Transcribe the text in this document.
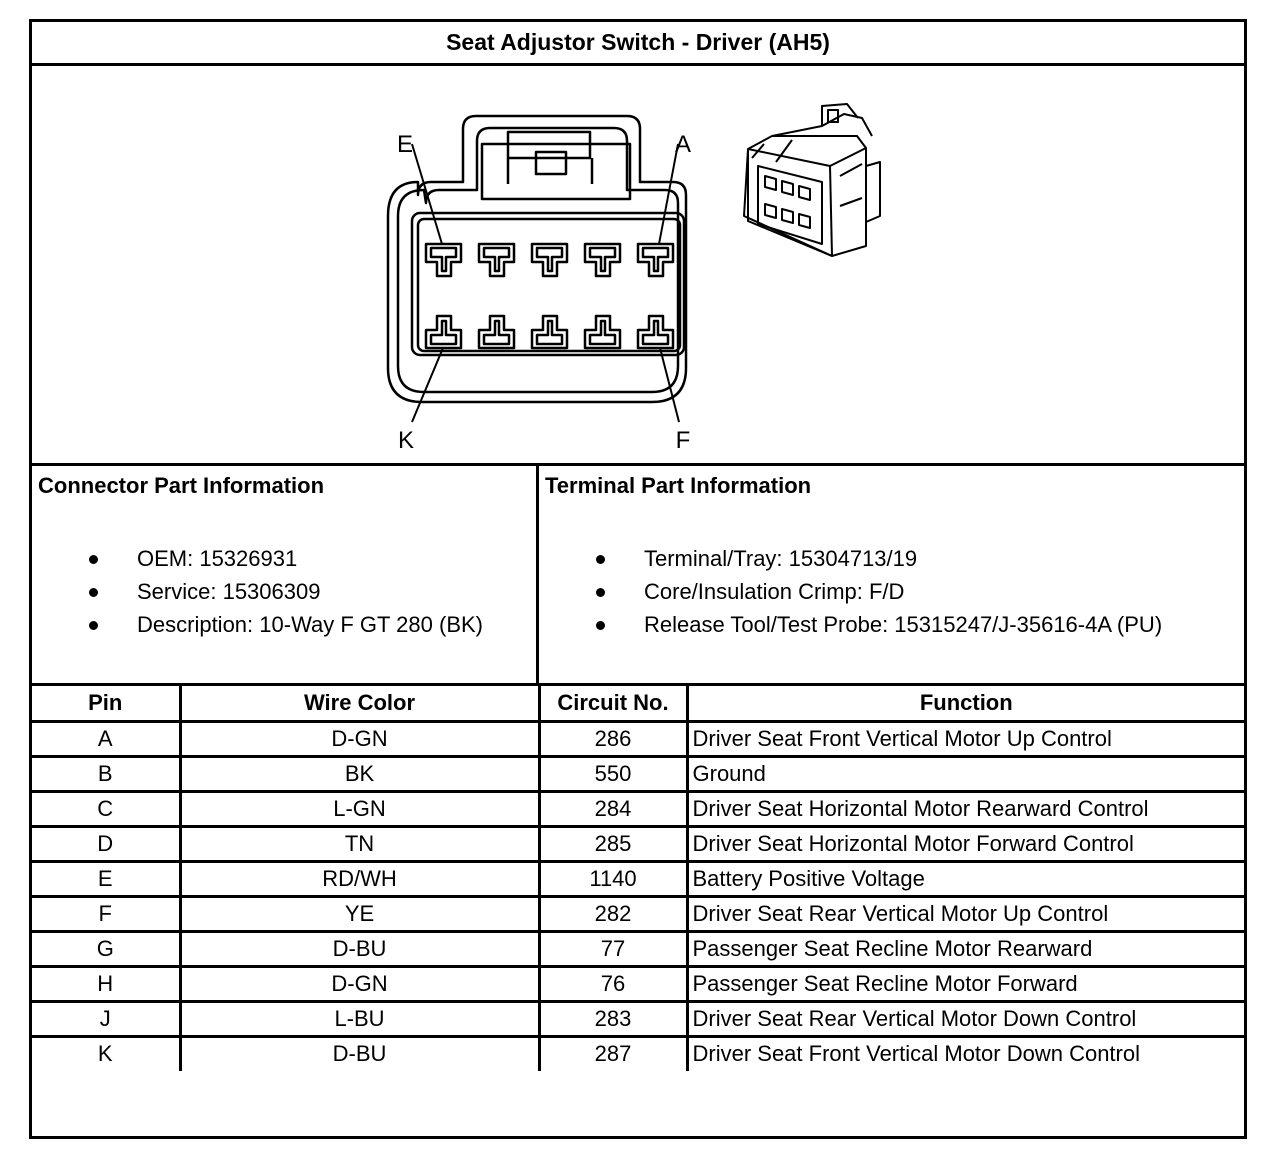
Seat Adjustor Switch - Driver (AH5)
E	A
K	F
Connector Part Information
OEM: 15326931
Service: 15306309
Description: 10-Way F GT 280 (BK)
Terminal Part Information
Terminal/Tray: 15304713/19
Core/Insulation Crimp: F/D
Release Tool/Test Probe: 15315247/J-35616-4A (PU)
Pin	Wire Color	Circuit No.	Function
A	D-GN	286	Driver Seat Front Vertical Motor Up Control
B	BK	550	Ground
C	L-GN	284	Driver Seat Horizontal Motor Rearward Control
D	TN	285	Driver Seat Horizontal Motor Forward Control
E	RD/WH	1140	Battery Positive Voltage
F	YE	282	Driver Seat Rear Vertical Motor Up Control
G	D-BU	77	Passenger Seat Recline Motor Rearward
H	D-GN	76	Passenger Seat Recline Motor Forward
J	L-BU	283	Driver Seat Rear Vertical Motor Down Control
K	D-BU	287	Driver Seat Front Vertical Motor Down Control
